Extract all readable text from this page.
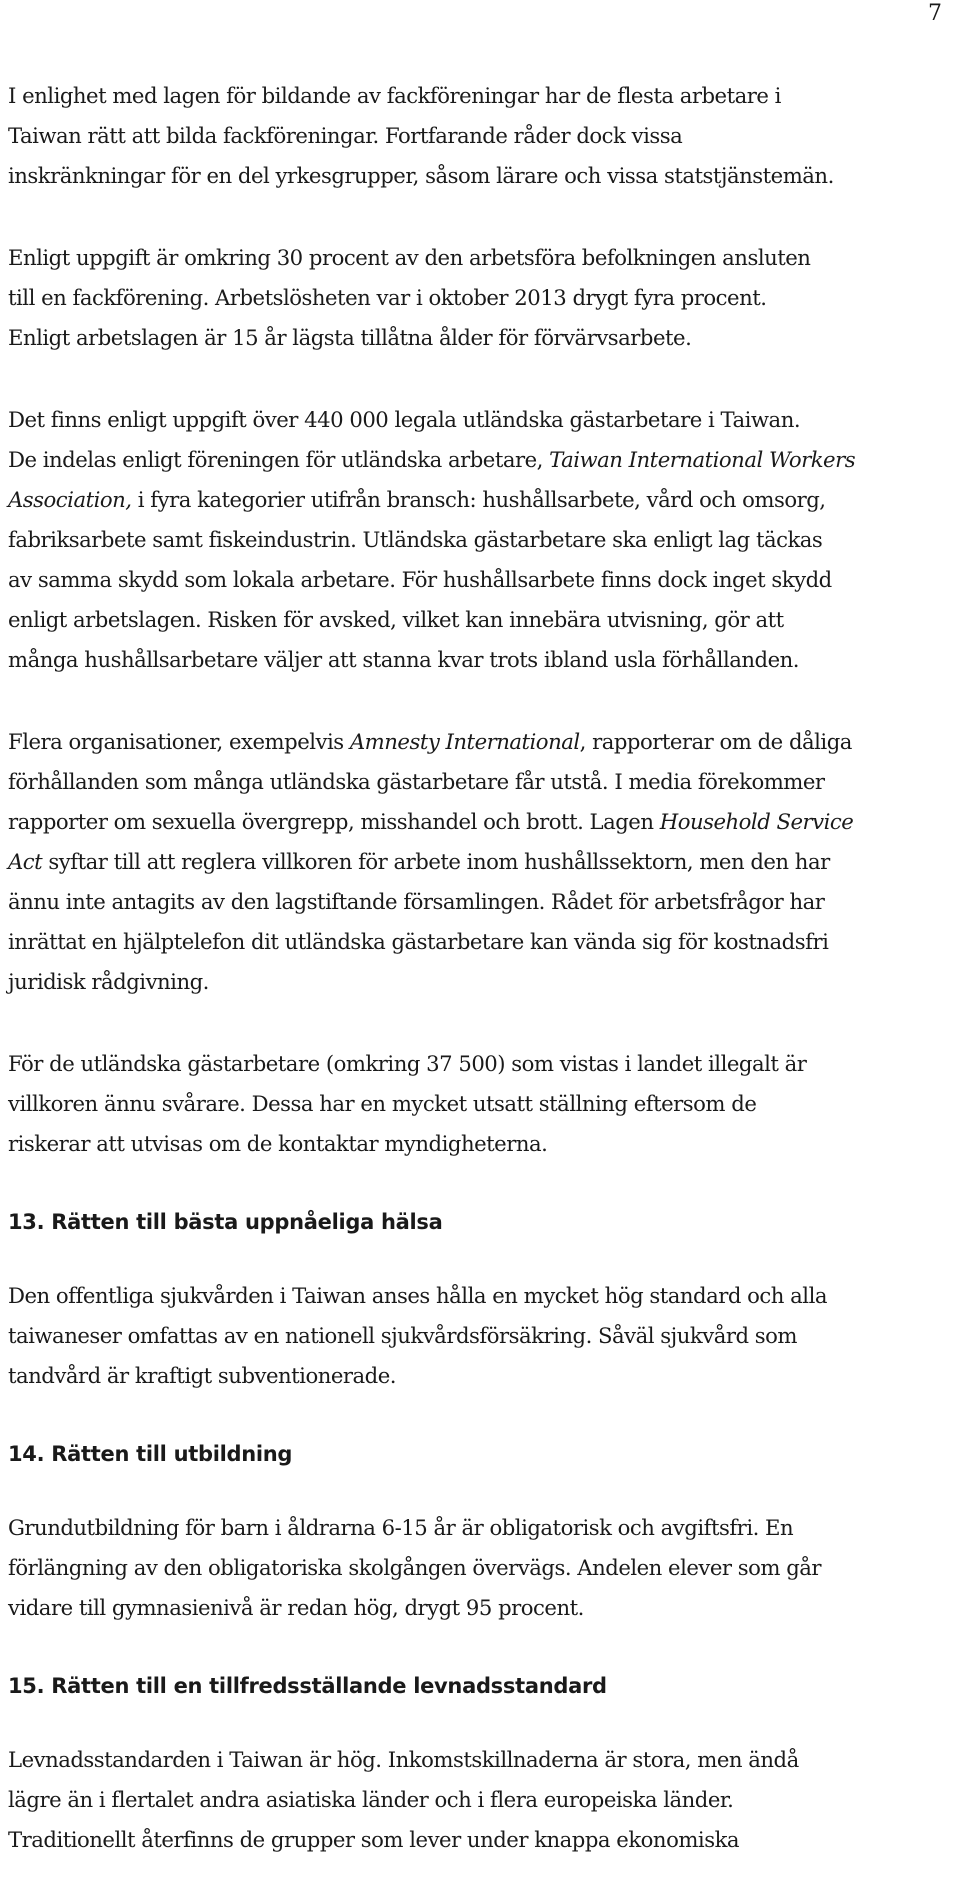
7

I enlighet med lagen för bildande av fackföreningar har de flesta arbetare i
Taiwan rätt att bilda fackföreningar. Fortfarande råder dock vissa
inskränkningar för en del yrkesgrupper, såsom lärare och vissa statstjänstemän.

Enligt uppgift är omkring 30 procent av den arbetsföra befolkningen ansluten
till en fackförening. Arbetslösheten var i oktober 2013 drygt fyra procent.
Enligt arbetslagen är 15 år lägsta tillåtna ålder för förvärvsarbete.

Det finns enligt uppgift över 440 000 legala utländska gästarbetare i Taiwan.

De indelas enligt föreningen för utländska arbetare, Taiwan International Workers Association, i fyra kategorier utifrån bransch: hushållsarbete, vård och omsorg,
fabriksarbete samt fiskeindustrin. Utländska gästarbetare ska enligt lag täckas
av samma skydd som lokala arbetare. För hushållsarbete finns dock inget skydd
enligt arbetslagen. Risken för avsked, vilket kan innebära utvisning, gör att
många hushållsarbetare väljer att stanna kvar trots ibland usla förhållanden.

Flera organisationer, exempelvis Amnesty International, rapporterar om de dåliga
förhållanden som många utländska gästarbetare får utstå. I media förekommer
rapporter om sexuella övergrepp, misshandel och brott. Lagen Household Service
Act syftar till att reglera villkoren för arbete inom hushållssektorn, men den har
ännu inte antagits av den lagstiftande församlingen. Rådet för arbetsfrågor har
inrättat en hjälptelefon dit utländska gästarbetare kan vända sig för kostnadsfri
juridisk rådgivning.

För de utländska gästarbetare (omkring 37 500) som vistas i landet illegalt är
villkoren ännu svårare. Dessa har en mycket utsatt ställning eftersom de
riskerar att utvisas om de kontaktar myndigheterna.

13. Rätten till bästa uppnåeliga hälsa

Den offentliga sjukvården i Taiwan anses hålla en mycket hög standard och alla
taiwaneser omfattas av en nationell sjukvårdsförsäkring. Såväl sjukvård som
tandvård är kraftigt subventionerade.

14. Rätten till utbildning

Grundutbildning för barn i åldrarna 6-15 år är obligatorisk och avgiftsfri. En
förlängning av den obligatoriska skolgången övervägs. Andelen elever som går
vidare till gymnasienivå är redan hög, drygt 95 procent.

15. Rätten till en tillfredsställande levnadsstandard

Levnadsstandarden i Taiwan är hög. Inkomstskillnaderna är stora, men ändå
lägre än i flertalet andra asiatiska länder och i flera europeiska länder.
Traditionellt återfinns de grupper som lever under knappa ekonomiska
